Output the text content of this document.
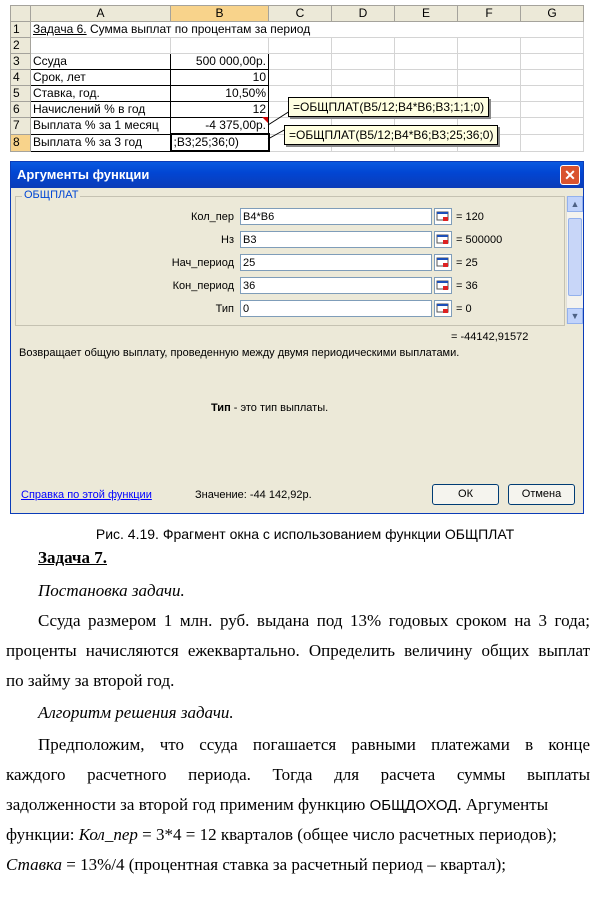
	A	B	C	D	E	F	G
1	Задача 6. Сумма выплат по процентам за период						
2							
3	Ссуда	500 000,00р.					
4	Срок, лет	10					
5	Ставка, год.	10,50%					
6	Начислений % в год	12					
7	Выплата % за 1 месяц	-4 375,00р.					
8	Выплата % за 3 год	;B3;25;36;0)					
=ОБЩПЛАТ(B5/12;B4*B6;B3;1;1;0)
=ОБЩПЛАТ(B5/12;B4*B6;B3;25;36;0)
Аргументы функции	✕
ОБЩПЛАТ
Кол_пер B4*B6	= 120
Нз B3	= 500000
Нач_период 25	= 25
Кон_период 36	= 36
Тип 0	= 0
▲
▼
= -44142,91572
Возвращает общую выплату, проведенную между двумя периодическими выплатами.
Тип - это тип выплаты.
Справка по этой функции	Значение: -44 142,92р.	ОК	Отмена
Рис. 4.19. Фрагмент окна с использованием функции ОБЩПЛАТ
Задача 7.
Постановка задачи.
Ссуда размером 1 млн. руб. выдана под 13% годовых сроком на 3 года;
проценты начисляются ежеквартально. Определить величину общих выплат
по займу за второй год.
Алгоритм решения задачи.
Предположим, что ссуда погашается равными платежами в конце
каждого расчетного периода. Тогда для расчета суммы выплаты
задолженности за второй год применим функцию ОБЩДОХОД. Аргументы
функции: Кол_пер = 3*4 = 12 кварталов (общее число расчетных периодов);
Ставка = 13%/4 (процентная ставка за расчетный период – квартал);
